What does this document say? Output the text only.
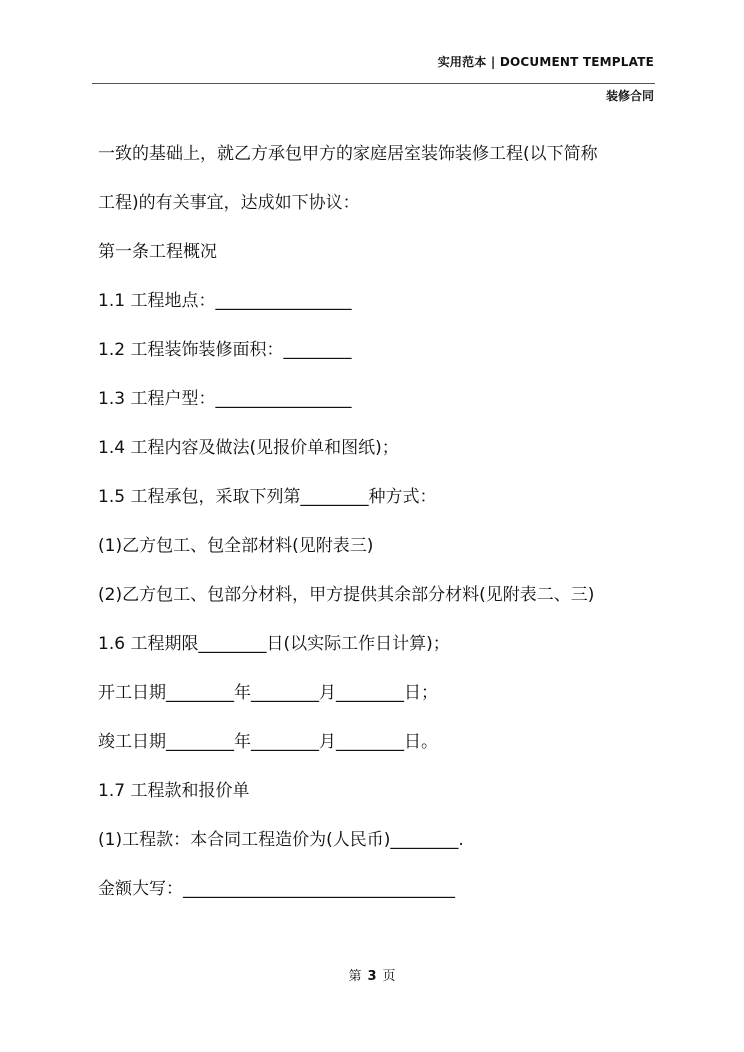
实用范本 | DOCUMENT TEMPLATE
装修合同
一致的基础上，就乙方承包甲方的家庭居室装饰装修工程(以下简称
工程)的有关事宜，达成如下协议：
第一条工程概况
1.1 工程地点：________________
1.2 工程装饰装修面积：________
1.3 工程户型：________________
1.4 工程内容及做法(见报价单和图纸)；
1.5 工程承包，采取下列第________种方式：
(1)乙方包工、包全部材料(见附表三)
(2)乙方包工、包部分材料，甲方提供其余部分材料(见附表二、三)
1.6 工程期限________日(以实际工作日计算)；
开工日期________年________月________日；
竣工日期________年________月________日。
1.7 工程款和报价单
(1)工程款：本合同工程造价为(人民币)________.
金额大写：________________________________
第 3 页
